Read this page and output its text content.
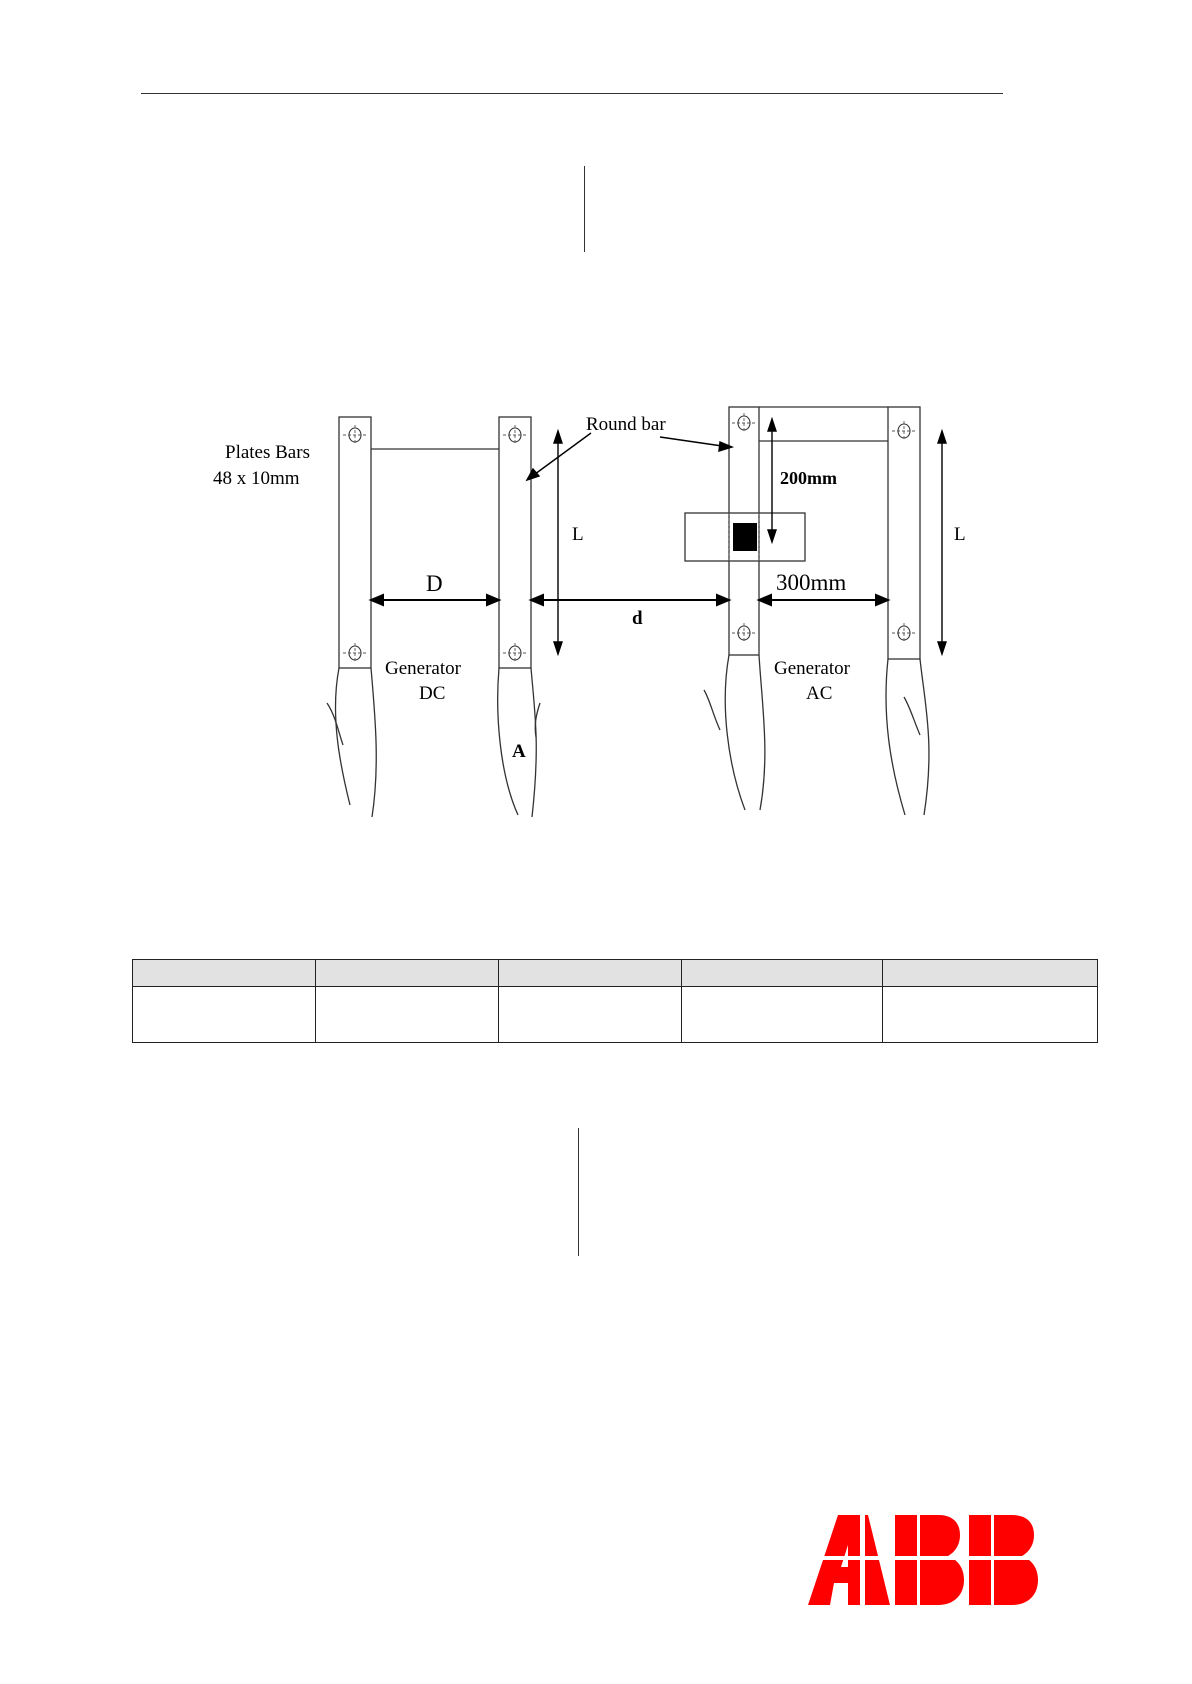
Plates Bars
48 x 10mm
Round bar
200mm
L	L
D
d
300mm
Generator
DC
Generator
AC
A
